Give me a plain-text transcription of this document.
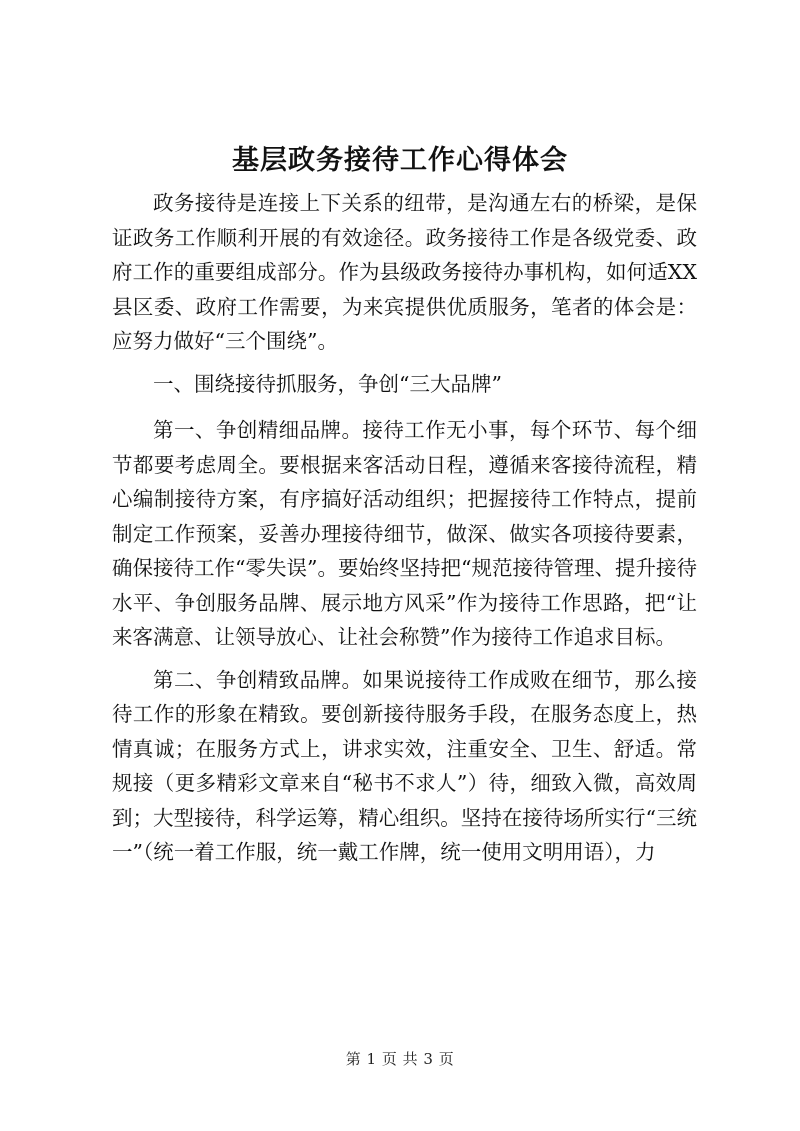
基层政务接待工作心得体会

政务接待是连接上下关系的纽带，是沟通左右的桥梁，是保证政务工作顺利开展的有效途径。政务接待工作是各级党委、政府工作的重要组成部分。作为县级政务接待办事机构，如何适XX县区委、政府工作需要，为来宾提供优质服务，笔者的体会是：应努力做好“三个围绕”。

一、围绕接待抓服务，争创“三大品牌”

第一、争创精细品牌。接待工作无小事，每个环节、每个细节都要考虑周全。要根据来客活动日程，遵循来客接待流程，精心编制接待方案，有序搞好活动组织；把握接待工作特点，提前制定工作预案，妥善办理接待细节，做深、做实各项接待要素，确保接待工作“零失误”。要始终坚持把“规范接待管理、提升接待水平、争创服务品牌、展示地方风采”作为接待工作思路，把“让来客满意、让领导放心、让社会称赞”作为接待工作追求目标。

第二、争创精致品牌。如果说接待工作成败在细节，那么接待工作的形象在精致。要创新接待服务手段，在服务态度上，热情真诚；在服务方式上，讲求实效，注重安全、卫生、舒适。常规接（更多精彩文章来自“秘书不求人”）待，细致入微，高效周到；大型接待，科学运筹，精心组织。坚持在接待场所实行“三统一”（统一着工作服，统一戴工作牌，统一使用文明用语），力

第 1 页 共 3 页
